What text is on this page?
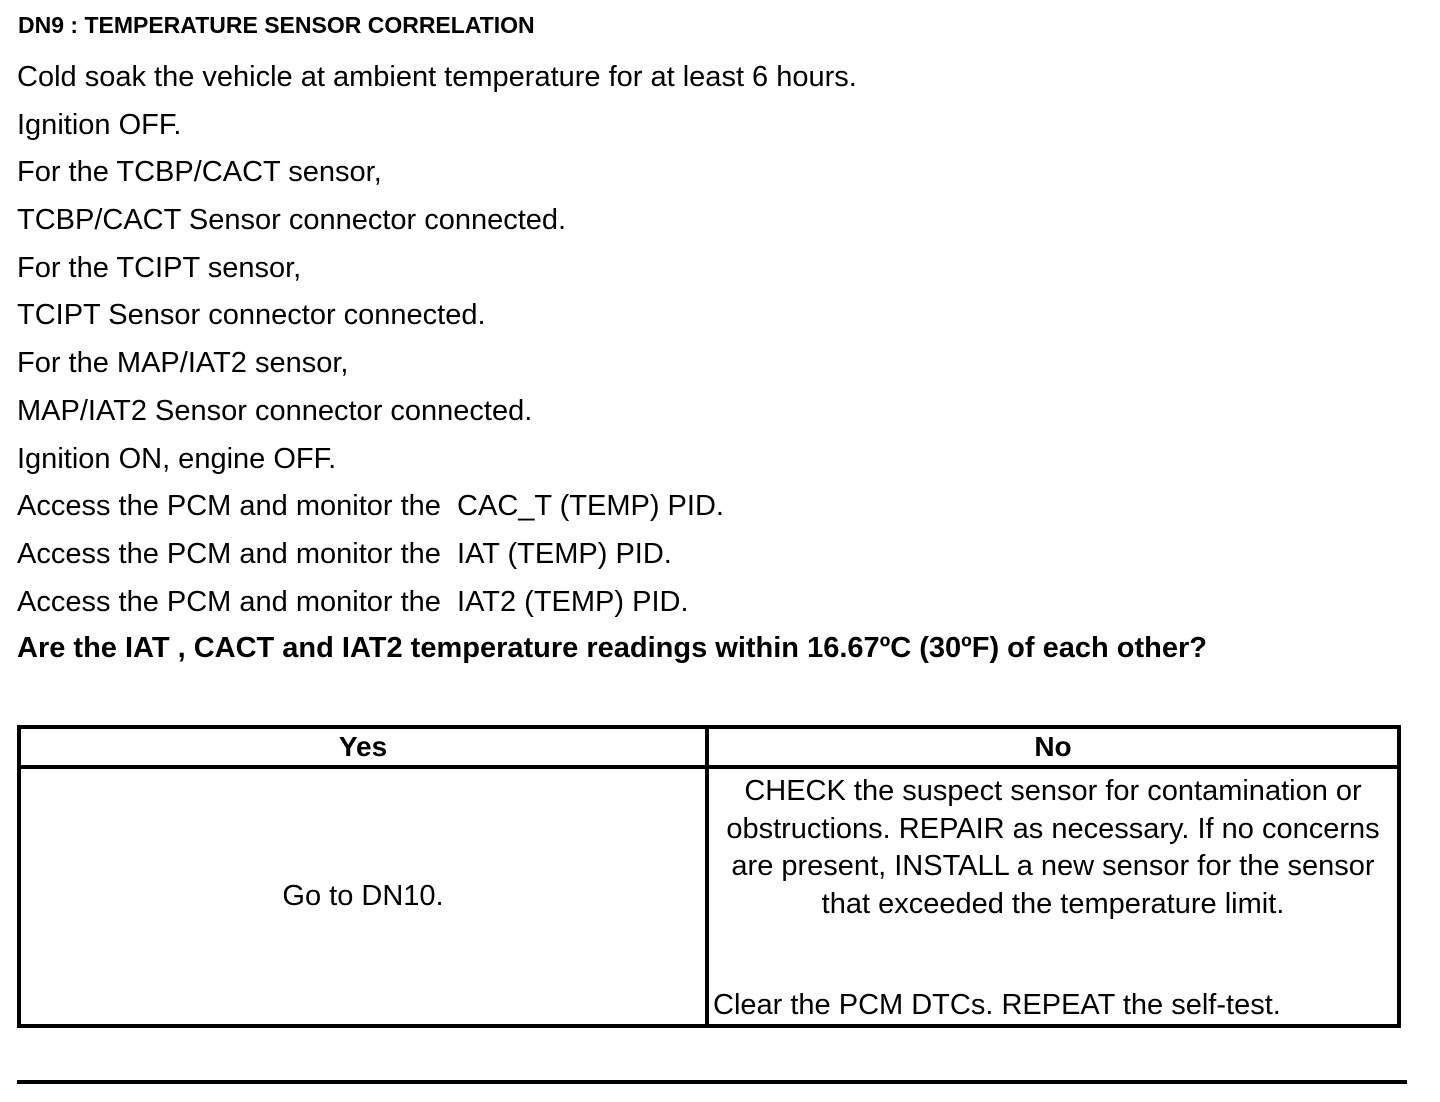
DN9 : TEMPERATURE SENSOR CORRELATION
Cold soak the vehicle at ambient temperature for at least 6 hours.
Ignition OFF.
For the TCBP/CACT sensor,
TCBP/CACT Sensor connector connected.
For the TCIPT sensor,
TCIPT Sensor connector connected.
For the MAP/IAT2 sensor,
MAP/IAT2 Sensor connector connected.
Ignition ON, engine OFF.
Access the PCM and monitor the  CAC_T (TEMP) PID.
Access the PCM and monitor the  IAT (TEMP) PID.
Access the PCM and monitor the  IAT2 (TEMP) PID.
Are the IAT , CACT and IAT2 temperature readings within 16.67ºC (30ºF) of each other?
Yes	No
Go to DN10.	CHECK the suspect sensor for contamination or obstructions. REPAIR as necessary. If no concerns are present, INSTALL a new sensor for the sensor that exceeded the temperature limit.
Clear the PCM DTCs. REPEAT the self-test.
